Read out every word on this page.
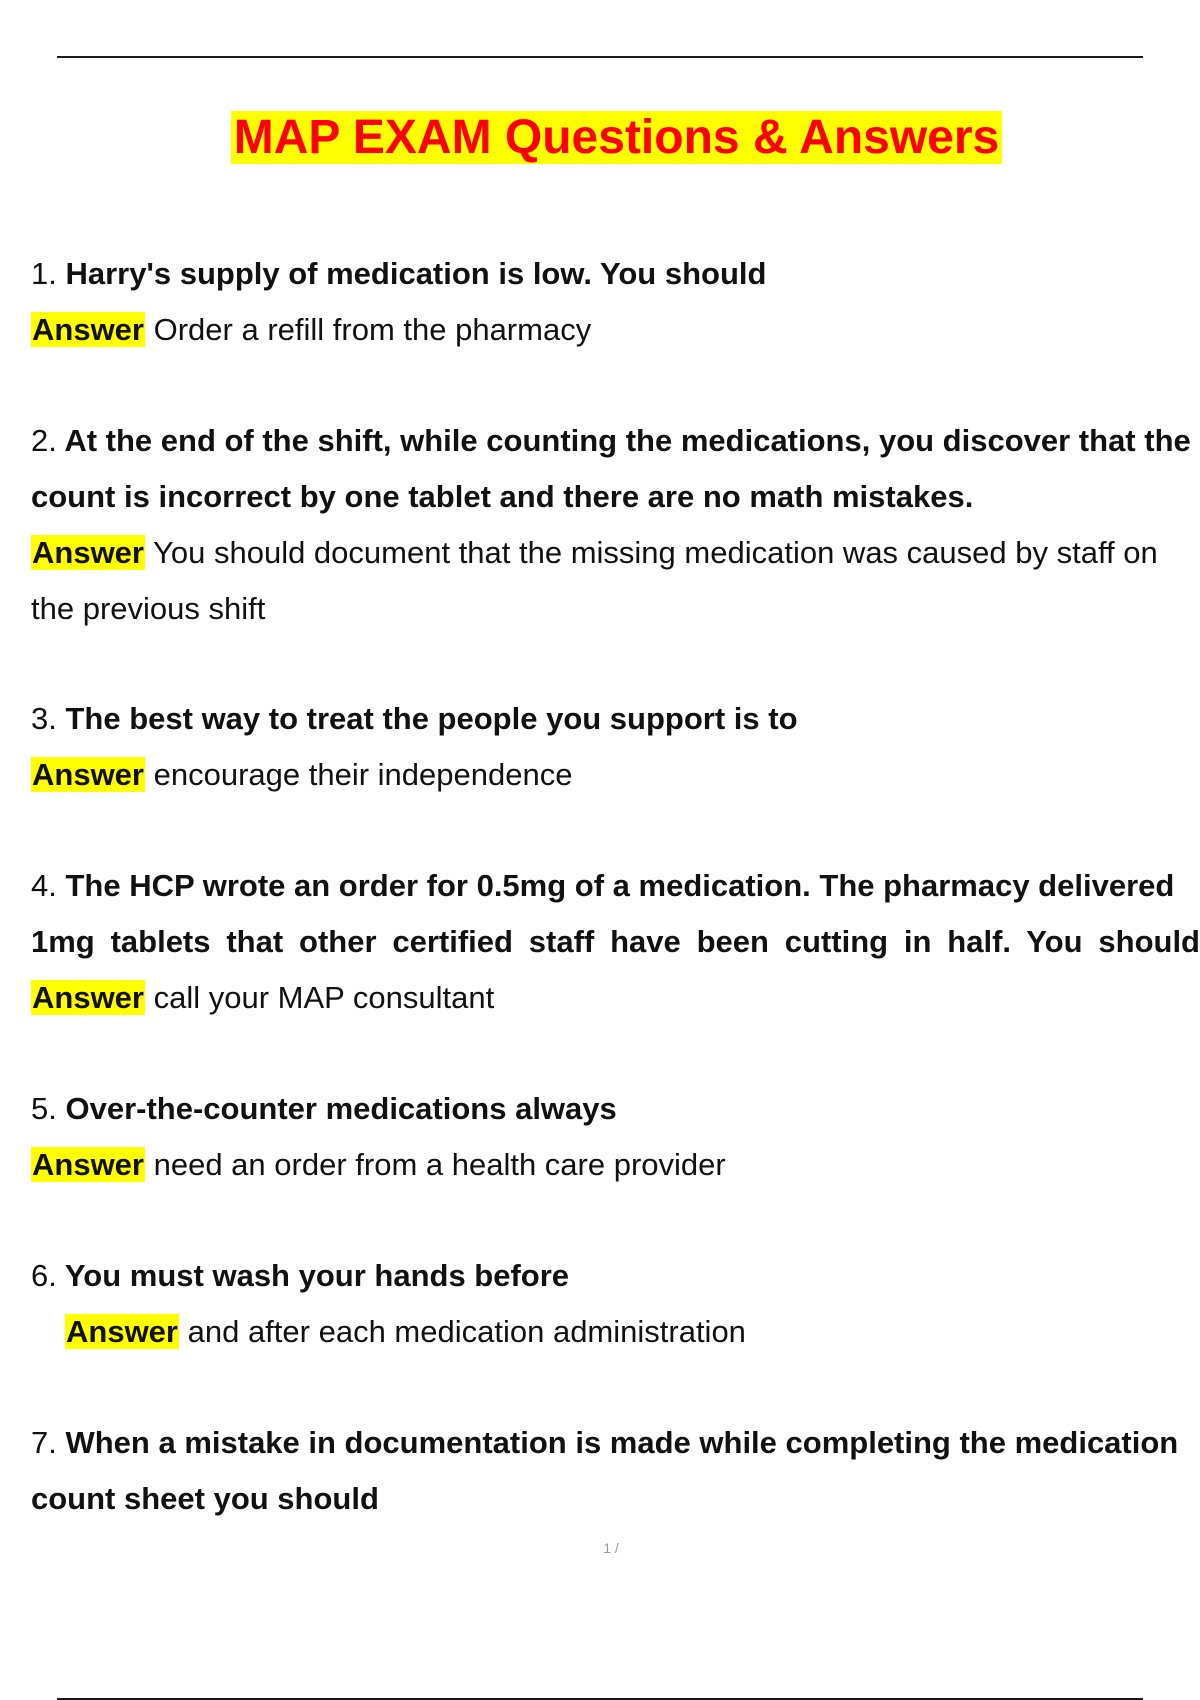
MAP EXAM Questions & Answers
1. Harry's supply of medication is low. You should
Answer Order a refill from the pharmacy
2. At the end of the shift, while counting the medications, you discover that the
count is incorrect by one tablet and there are no math mistakes.
Answer You should document that the missing medication was caused by staff on
the previous shift
3. The best way to treat the people you support is to
Answer encourage their independence
4. The HCP wrote an order for 0.5mg of a medication. The pharmacy delivered
1mg tablets that other certified staff have been cutting in half. You should
Answer call your MAP consultant
5. Over-the-counter medications always
Answer need an order from a health care provider
6. You must wash your hands before
Answer and after each medication administration
7. When a mistake in documentation is made while completing the medication
count sheet you should
1 /
